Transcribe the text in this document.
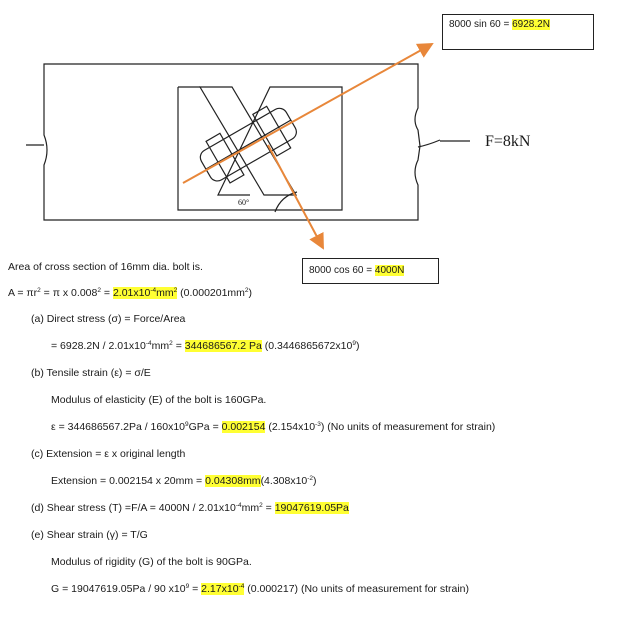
F=8kN
60°
8000 sin 60 = 6928.2N
8000 cos 60 = 4000N
Area of cross section of 16mm dia. bolt is.
$A = \pi r^2 = \pi$ x $0.008^2 = 2.01x10^{-4}mm^2$ $(0.000201mm^2)$
(a) Direct stress (σ) = Force/Area
= $6928.2N / 2.01x10^{-4}mm^2 = 344686567.2$ Pa $(0.3446865672x10^9)$
(b) Tensile strain (ε) = σ/E
Modulus of elasticity (E) of the bolt is 160GPa.
$\varepsilon = 344686567.2Pa / 160x10^9GPa = 0.002154$ $(2.154x10^{-3})$ (No units of measurement for strain)
(c) Extension = ε x original length
Extension = 0.002154 x $20mm = 0.04308mm(4.308x10^{-2})$
(d) Shear stress $(T) =F/A = 4000N / 2.01x10^{-4}mm^2 = 19047619.05Pa$
(e) Shear strain (γ) = T/G
Modulus of rigidity (G) of the bolt is 90GPa.
G = 19047619.05Pa / 90 $x10^9 = 2.17x10^{-4}$ (0.000217) (No units of measurement for strain)
